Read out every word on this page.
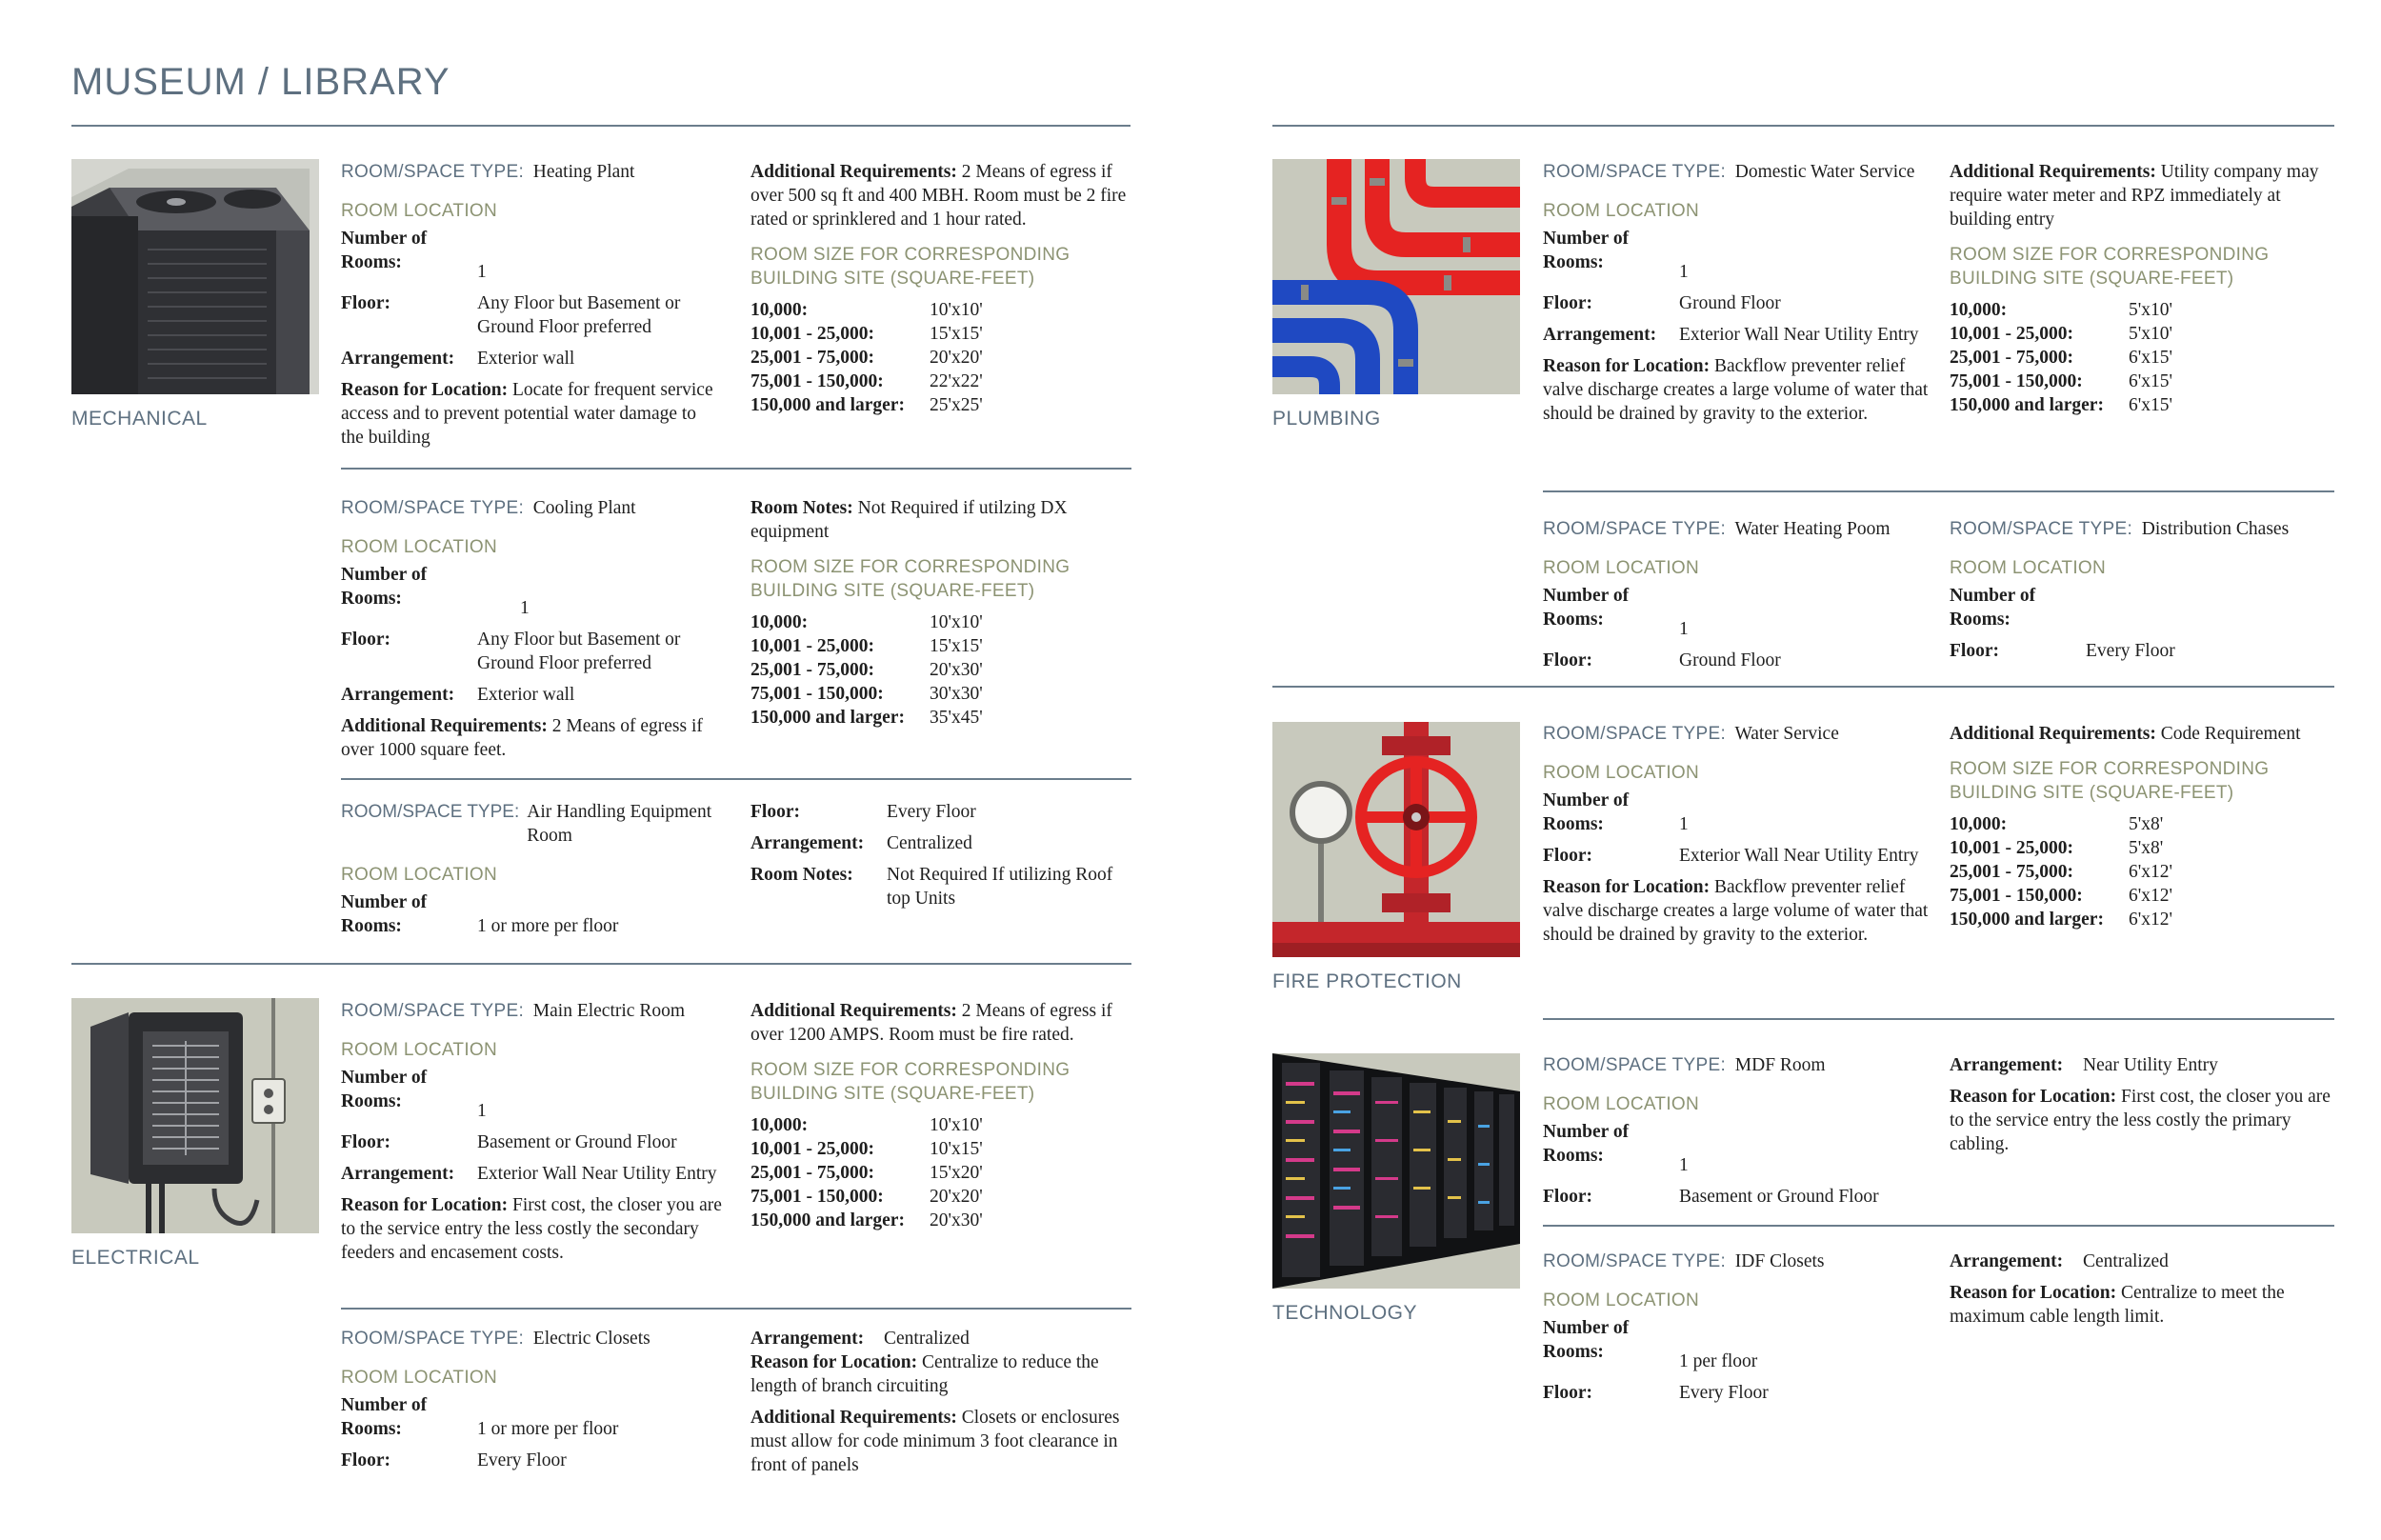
MUSEUM / LIBRARY
MECHANICAL
ROOM/SPACE TYPE: Heating Plant
ROOM LOCATION
Number of
Rooms:	1
Floor:	Any Floor but Basement or Ground Floor preferred
Arrangement:	Exterior wall
Reason for Location: Locate for frequent service access and to prevent potential water damage to the building
Additional Requirements: 2 Means of egress if over 500 sq ft and 400 MBH. Room must be 2 fire rated or sprinklered and 1 hour rated.
ROOM SIZE FOR CORRESPONDING
BUILDING SITE (SQUARE-FEET)
10,000:	10'x10'
10,001 - 25,000:	15'x15'
25,001 - 75,000:	20'x20'
75,001 - 150,000:	22'x22'
150,000 and larger:	25'x25'
ROOM/SPACE TYPE: Cooling Plant
ROOM LOCATION
Number of
Rooms:	1
Floor:	Any Floor but Basement or Ground Floor preferred
Arrangement:	Exterior wall
Additional Requirements: 2 Means of egress if over 1000 square feet.
Room Notes: Not Required if utilzing DX equipment
ROOM SIZE FOR CORRESPONDING
BUILDING SITE (SQUARE-FEET)
10,000:	10'x10'
10,001 - 25,000:	15'x15'
25,001 - 75,000:	20'x30'
75,001 - 150,000:	30'x30'
150,000 and larger:	35'x45'
ROOM/SPACE TYPE: Air Handling Equipment Room
ROOM LOCATION
Number of
Rooms:	1 or more per floor
Floor:	Every Floor
Arrangement:	Centralized
Room Notes:	Not Required If utilizing Roof top Units
ELECTRICAL
ROOM/SPACE TYPE: Main Electric Room
ROOM LOCATION
Number of
Rooms:	1
Floor:	Basement or Ground Floor
Arrangement:	Exterior Wall Near Utility Entry
Reason for Location: First cost, the closer you are to the service entry the less costly the secondary feeders and encasement costs.
Additional Requirements: 2 Means of egress if over 1200 AMPS. Room must be fire rated.
ROOM SIZE FOR CORRESPONDING
BUILDING SITE (SQUARE-FEET)
10,000:	10'x10'
10,001 - 25,000:	10'x15'
25,001 - 75,000:	15'x20'
75,001 - 150,000:	20'x20'
150,000 and larger:	20'x30'
ROOM/SPACE TYPE: Electric Closets
ROOM LOCATION
Number of
Rooms:	1 or more per floor
Floor:	Every Floor
Arrangement:	Centralized
Reason for Location: Centralize to reduce the length of branch circuiting
Additional Requirements: Closets or enclosures must allow for code minimum 3 foot clearance in front of panels
PLUMBING
ROOM/SPACE TYPE: Domestic Water Service
ROOM LOCATION
Number of
Rooms:	1
Floor:	Ground Floor
Arrangement:	Exterior Wall Near Utility Entry
Reason for Location: Backflow preventer relief valve discharge creates a large volume of water that should be drained by gravity to the exterior.
Additional Requirements: Utility company may require water meter and RPZ immediately at building entry
ROOM SIZE FOR CORRESPONDING
BUILDING SITE (SQUARE-FEET)
10,000:	5'x10'
10,001 - 25,000:	5'x10'
25,001 - 75,000:	6'x15'
75,001 - 150,000:	6'x15'
150,000 and larger:	6'x15'
ROOM/SPACE TYPE: Water Heating Poom
ROOM LOCATION
Number of
Rooms:	1
Floor:	Ground Floor
ROOM/SPACE TYPE: Distribution Chases
ROOM LOCATION
Number of
Rooms:
Floor:	Every Floor
FIRE PROTECTION
ROOM/SPACE TYPE: Water Service
ROOM LOCATION
Number of
Rooms:	1
Floor:	Exterior Wall Near Utility Entry
Reason for Location: Backflow preventer relief valve discharge creates a large volume of water that should be drained by gravity to the exterior.
Additional Requirements: Code Requirement
ROOM SIZE FOR CORRESPONDING
BUILDING SITE (SQUARE-FEET)
10,000:	5'x8'
10,001 - 25,000:	5'x8'
25,001 - 75,000:	6'x12'
75,001 - 150,000:	6'x12'
150,000 and larger:	6'x12'
TECHNOLOGY
ROOM/SPACE TYPE: MDF Room
ROOM LOCATION
Number of
Rooms:	1
Floor:	Basement or Ground Floor
Arrangement:	Near Utility Entry
Reason for Location: First cost, the closer you are to the service entry the less costly the primary cabling.
ROOM/SPACE TYPE: IDF Closets
ROOM LOCATION
Number of
Rooms:	1 per floor
Floor:	Every Floor
Arrangement:	Centralized
Reason for Location: Centralize to meet the maximum cable length limit.
